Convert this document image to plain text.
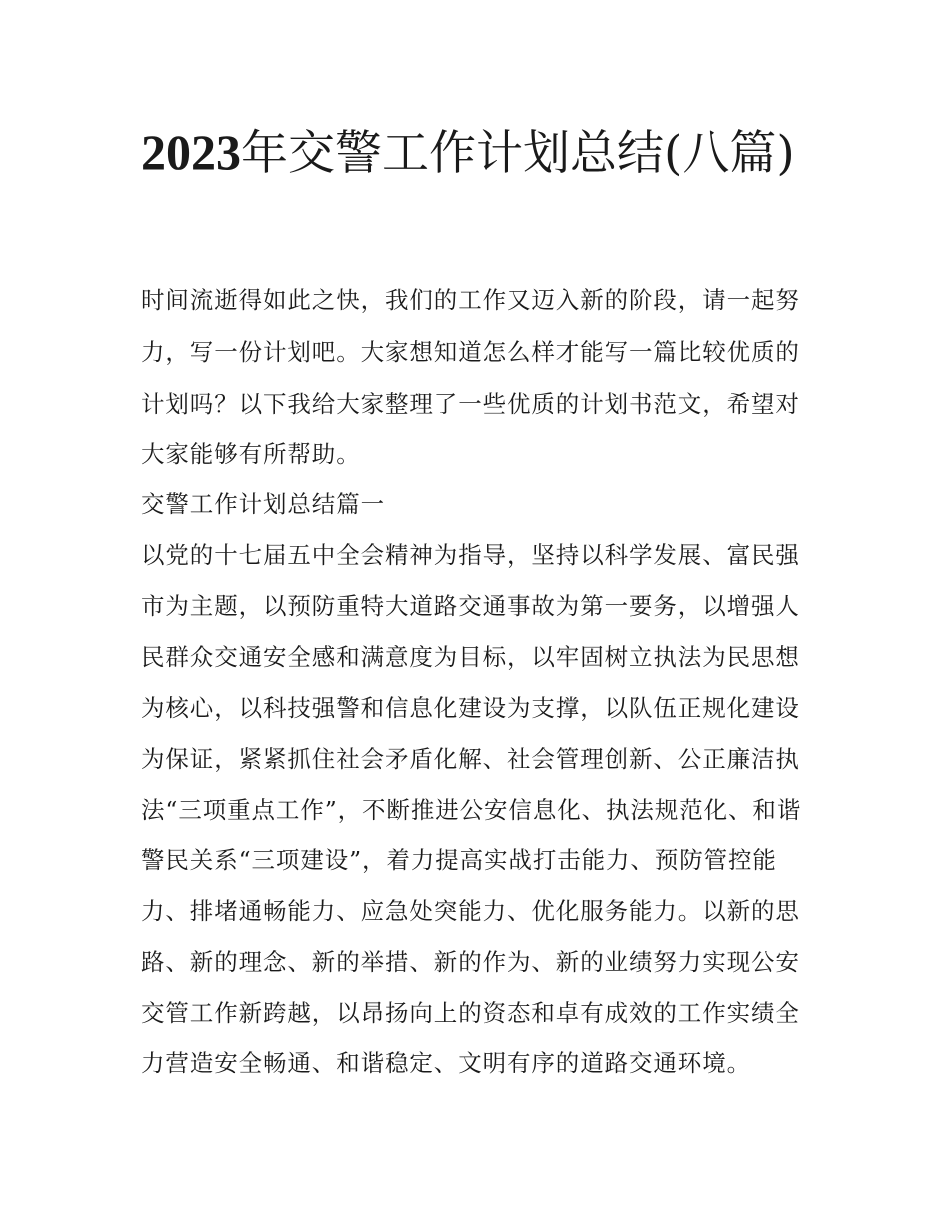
2023年交警工作计划总结(八篇)

时间流逝得如此之快，我们的工作又迈入新的阶段，请一起努

力，写一份计划吧。大家想知道怎么样才能写一篇比较优质的

计划吗？以下我给大家整理了一些优质的计划书范文，希望对

大家能够有所帮助。

交警工作计划总结篇一

以党的十七届五中全会精神为指导，坚持以科学发展、富民强

市为主题，以预防重特大道路交通事故为第一要务，以增强人

民群众交通安全感和满意度为目标，以牢固树立执法为民思想

为核心，以科技强警和信息化建设为支撑，以队伍正规化建设

为保证，紧紧抓住社会矛盾化解、社会管理创新、公正廉洁执

法“三项重点工作”，不断推进公安信息化、执法规范化、和谐

警民关系“三项建设”，着力提高实战打击能力、预防管控能

力、排堵通畅能力、应急处突能力、优化服务能力。以新的思

路、新的理念、新的举措、新的作为、新的业绩努力实现公安

交管工作新跨越，以昂扬向上的资态和卓有成效的工作实绩全

力营造安全畅通、和谐稳定、文明有序的道路交通环境。
